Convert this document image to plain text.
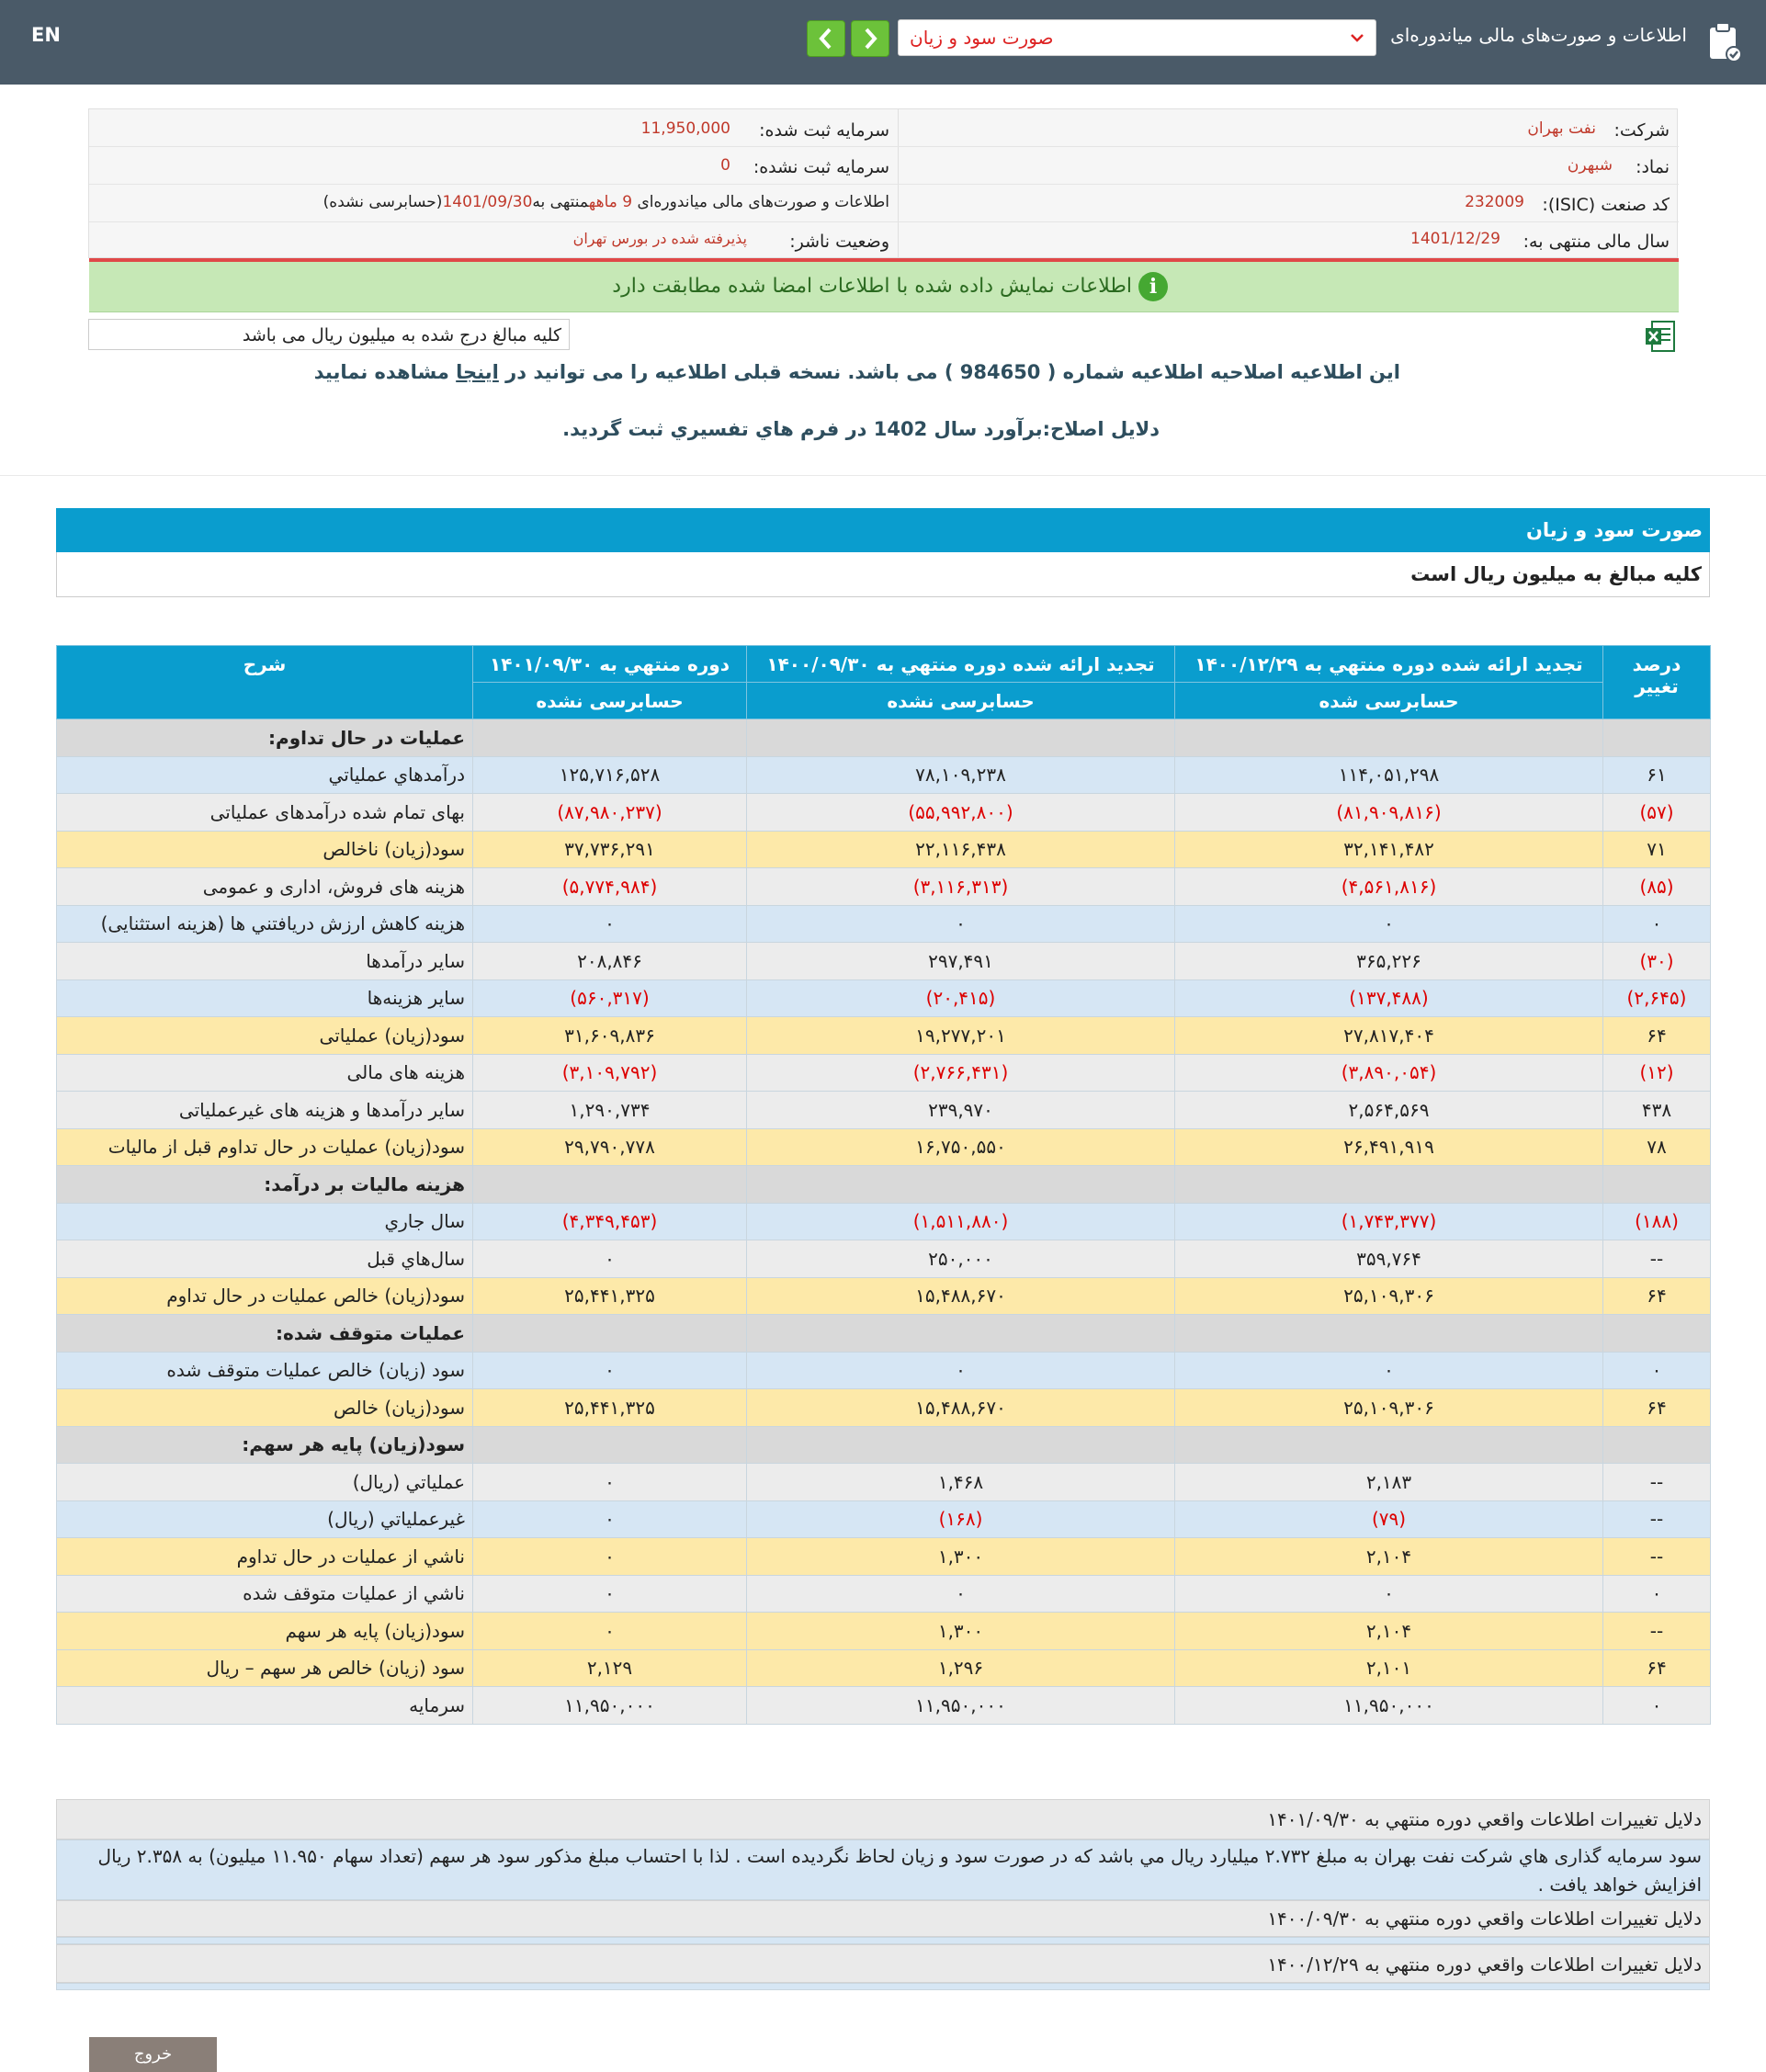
EN	اطلاعات و صورت‌های مالی میاندوره‌ای
صورت سود و زیان
شرکت:
نفت بهران
نماد:
شبهرن
کد صنعت (ISIC):
232009
سال مالی منتهی به:
1401/12/29
سرمایه ثبت شده:
11,950,000
سرمایه ثبت نشده:
0
اطلاعات و صورت‌های مالی میاندوره‌ای 9 ماههمنتهی به1401/09/30(حسابرسی نشده)
وضعیت ناشر:
پذیرفته شده در بورس تهران
i
اطلاعات نمایش داده شده با اطلاعات امضا شده مطابقت دارد
کلیه مبالغ درج شده به میلیون ریال می باشد
این اطلاعیه اصلاحیه اطلاعیه شماره ( 984650 ) می باشد. نسخه قبلی اطلاعیه را می توانید در اینجا مشاهده نمایید
دلایل اصلاح:برآورد سال 1402 در فرم هاي تفسيري ثبت گرديد.
صورت سود و زیان
کلیه مبالغ به میلیون ریال است
درصد تغییر	تجدید ارائه شده دوره منتهي به ۱۴۰۰/۱۲/۲۹	تجدید ارائه شده دوره منتهي به ۱۴۰۰/۰۹/۳۰	دوره منتهي به ۱۴۰۱/۰۹/۳۰	شرح
	حسابرسی شده	حسابرسی نشده	حسابرسی نشده	
				عملیات در حال تداوم:
۶۱	۱۱۴,۰۵۱,۲۹۸	۷۸,۱۰۹,۲۳۸	۱۲۵,۷۱۶,۵۲۸	درآمدهاي عملياتي
(۵۷)	(۸۱,۹۰۹,۸۱۶)	(۵۵,۹۹۲,۸۰۰)	(۸۷,۹۸۰,۲۳۷)	بهای تمام شده درآمدهای عملیاتی
۷۱	۳۲,۱۴۱,۴۸۲	۲۲,۱۱۶,۴۳۸	۳۷,۷۳۶,۲۹۱	سود(زيان) ناخالص
(۸۵)	(۴,۵۶۱,۸۱۶)	(۳,۱۱۶,۳۱۳)	(۵,۷۷۴,۹۸۴)	هزینه های فروش، اداری و عمومی
۰	۰	۰	۰	هزینه کاهش ارزش دریافتني ها (هزینه استثنایی)
(۳۰)	۳۶۵,۲۲۶	۲۹۷,۴۹۱	۲۰۸,۸۴۶	ساير درآمدها
(۲,۶۴۵)	(۱۳۷,۴۸۸)	(۲۰,۴۱۵)	(۵۶۰,۳۱۷)	سایر هزینه‌ها
۶۴	۲۷,۸۱۷,۴۰۴	۱۹,۲۷۷,۲۰۱	۳۱,۶۰۹,۸۳۶	سود(زيان) عملياتى
(۱۲)	(۳,۸۹۰,۰۵۴)	(۲,۷۶۶,۴۳۱)	(۳,۱۰۹,۷۹۲)	هزينه هاى مالى
۴۳۸	۲,۵۶۴,۵۶۹	۲۳۹,۹۷۰	۱,۲۹۰,۷۳۴	ساير درآمدها و هزينه هاى غيرعملياتى
۷۸	۲۶,۴۹۱,۹۱۹	۱۶,۷۵۰,۵۵۰	۲۹,۷۹۰,۷۷۸	سود(زيان) عمليات در حال تداوم قبل از ماليات
				هزینه مالیات بر درآمد:
(۱۸۸)	(۱,۷۴۳,۳۷۷)	(۱,۵۱۱,۸۸۰)	(۴,۳۴۹,۴۵۳)	سال جاري
--	۳۵۹,۷۶۴	۲۵۰,۰۰۰	۰	سال‌هاي قبل
۶۴	۲۵,۱۰۹,۳۰۶	۱۵,۴۸۸,۶۷۰	۲۵,۴۴۱,۳۲۵	سود(زيان) خالص عمليات در حال تداوم
				عملیات متوقف شده:
۰	۰	۰	۰	سود (زيان) خالص عمليات متوقف شده
۶۴	۲۵,۱۰۹,۳۰۶	۱۵,۴۸۸,۶۷۰	۲۵,۴۴۱,۳۲۵	سود(زيان) خالص
				سود(زيان) پايه هر سهم:
--	۲,۱۸۳	۱,۴۶۸	۰	عملياتي (ريال)
--	(۷۹)	(۱۶۸)	۰	غيرعملياتي (ريال)
--	۲,۱۰۴	۱,۳۰۰	۰	ناشي از عمليات در حال تداوم
۰	۰	۰	۰	ناشي از عمليات متوقف شده
--	۲,۱۰۴	۱,۳۰۰	۰	سود(زيان) پايه هر سهم
۶۴	۲,۱۰۱	۱,۲۹۶	۲,۱۲۹	سود (زيان) خالص هر سهم – ريال
۰	۱۱,۹۵۰,۰۰۰	۱۱,۹۵۰,۰۰۰	۱۱,۹۵۰,۰۰۰	سرمايه
دلایل تغییرات اطلاعات واقعي دوره منتهي به ۱۴۰۱/۰۹/۳۰
سود سرمایه گذاری هاي شركت نفت بهران به مبلغ ۲.۷۳۲ ميليارد ريال مي باشد كه در صورت سود و زيان لحاظ نگرديده است . لذا با احتساب مبلغ مذكور سود هر سهم (تعداد سهام ۱۱.۹۵۰ ميليون) به ۲.۳۵۸ ريال افزايش خواهد يافت .
دلایل تغییرات اطلاعات واقعي دوره منتهي به ۱۴۰۰/۰۹/۳۰
دلایل تغییرات اطلاعات واقعي دوره منتهي به ۱۴۰۰/۱۲/۲۹
خروج
